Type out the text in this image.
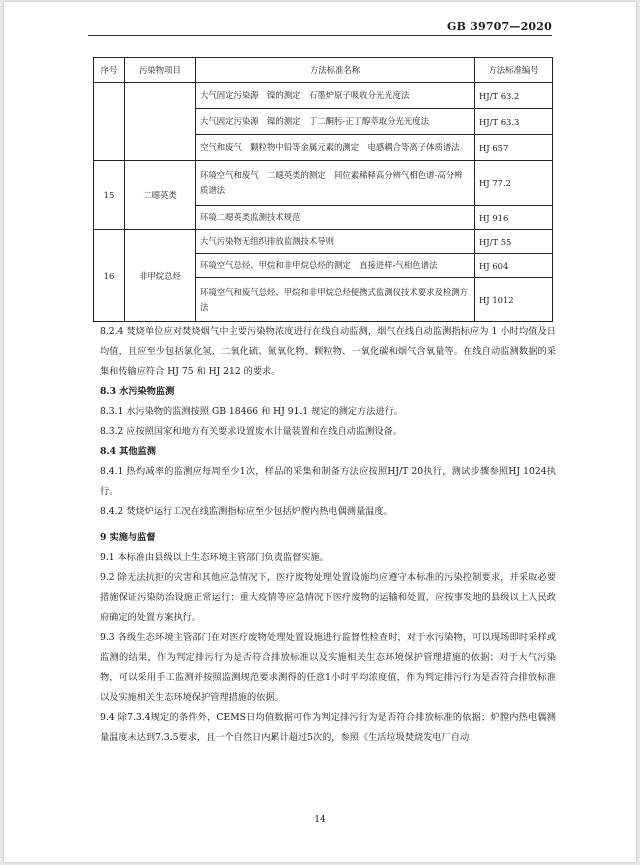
GB 39707—2020
序号	污染物项目	方法标准名称	方法标准编号
		大气固定污染源　镍的测定　石墨炉原子吸收分光光度法	HJ/T 63.2
		大气固定污染源　镍的测定　丁二酮肟-正丁醇萃取分光光度法	HJ/T 63.3
		空气和废气　颗粒物中铅等金属元素的测定　电感耦合等离子体质谱法	HJ 657
15	二噁英类	环境空气和废气　二噁英类的测定　同位素稀释高分辨气相色谱-高分辨质谱法	HJ 77.2
		环境二噁英类监测技术规范	HJ 916
16	非甲烷总烃	大气污染物无组织排放监测技术导则	HJ/T 55
		环境空气总烃、甲烷和非甲烷总烃的测定　直接进样-气相色谱法	HJ 604
		环境空气和废气总烃、甲烷和非甲烷总烃便携式监测仪技术要求及检测方法	HJ 1012

8.2.4 焚烧单位应对焚烧烟气中主要污染物浓度进行在线自动监测，烟气在线自动监测指标应为 1 小时均值及日均值，且应至少包括氯化氢、二氧化硫、氮氧化物、颗粒物、一氧化碳和烟气含氧量等。在线自动监测数据的采集和传输应符合 HJ 75 和 HJ 212 的要求。

8.3 水污染物监测

8.3.1 水污染物的监测按照 GB 18466 和 HJ 91.1 规定的测定方法进行。

8.3.2 应按照国家和地方有关要求设置废水计量装置和在线自动监测设备。

8.4 其他监测

8.4.1 热灼减率的监测应每周至少1次，样品的采集和制备方法应按照HJ/T 20执行，测试步骤参照HJ 1024执行。

8.4.2 焚烧炉运行工况在线监测指标应至少包括炉膛内热电偶测量温度。

9 实施与监督

9.1 本标准由县级以上生态环境主管部门负责监督实施。

9.2 除无法抗拒的灾害和其他应急情况下，医疗废物处理处置设施均应遵守本标准的污染控制要求，并采取必要措施保证污染防治设施正常运行；重大疫情等应急情况下医疗废物的运输和处置，应按事发地的县级以上人民政府确定的处置方案执行。

9.3 各级生态环境主管部门在对医疗废物处理处置设施进行监督性检查时，对于水污染物，可以现场即时采样或监测的结果，作为判定排污行为是否符合排放标准以及实施相关生态环境保护管理措施的依据；对于大气污染物，可以采用手工监测并按照监测规范要求测得的任意1小时平均浓度值，作为判定排污行为是否符合排放标准以及实施相关生态环境保护管理措施的依据。

9.4 除7.3.4规定的条件外，CEMS日均值数据可作为判定排污行为是否符合排放标准的依据；炉膛内热电偶测量温度未达到7.3.5要求，且一个自然日内累计超过5次的，参照《生活垃圾焚烧发电厂自动

14
